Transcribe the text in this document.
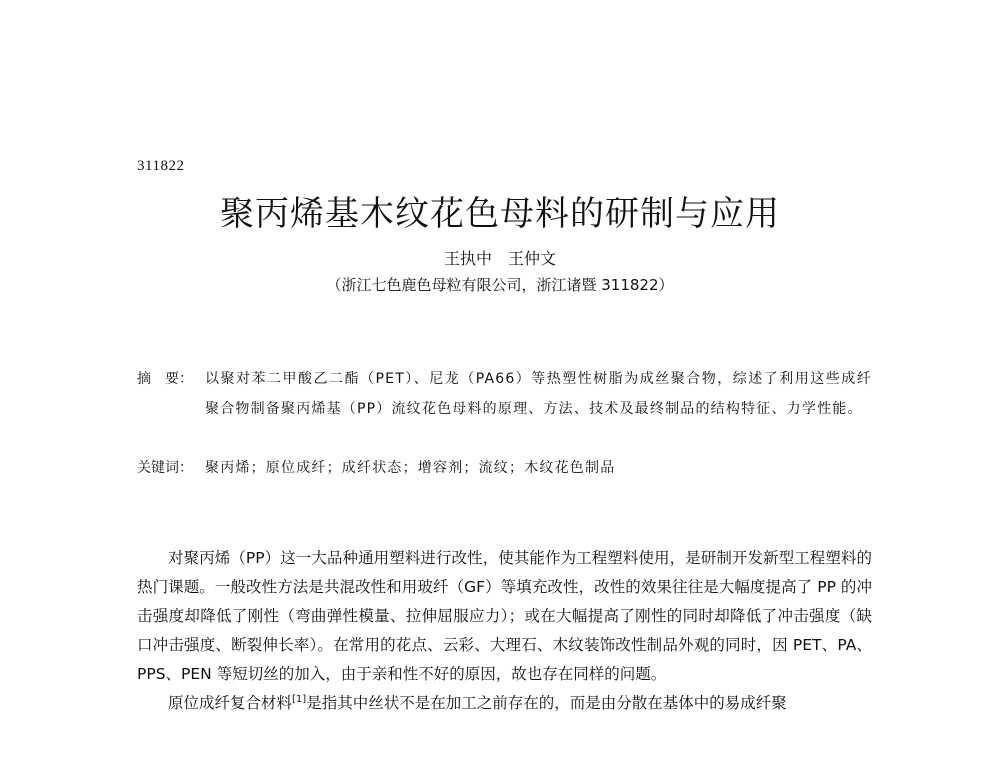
311822
聚丙烯基木纹花色母料的研制与应用
王执中 王仲文
（浙江七色鹿色母粒有限公司，浙江诸暨 311822）
摘　要： 以聚对苯二甲酸乙二酯（PET）、尼龙（PA66）等热塑性树脂为成丝聚合物，综述了利用这些成纤聚合物制备聚丙烯基（PP）流纹花色母料的原理、方法、技术及最终制品的结构特征、力学性能。
关键词： 聚丙烯；原位成纤；成纤状态；增容剂；流纹；木纹花色制品

对聚丙烯（PP）这一大品种通用塑料进行改性，使其能作为工程塑料使用，是研制开发新型工程塑料的热门课题。一般改性方法是共混改性和用玻纤（GF）等填充改性，改性的效果往往是大幅度提高了 PP 的冲击强度却降低了刚性（弯曲弹性模量、拉伸屈服应力）；或在大幅提高了刚性的同时却降低了冲击强度（缺口冲击强度、断裂伸长率）。在常用的花点、云彩、大理石、木纹装饰改性制品外观的同时，因 PET、PA、PPS、PEN 等短切丝的加入，由于亲和性不好的原因，故也存在同样的问题。

原位成纤复合材料[1]是指其中丝状不是在加工之前存在的，而是由分散在基体中的易成纤聚
